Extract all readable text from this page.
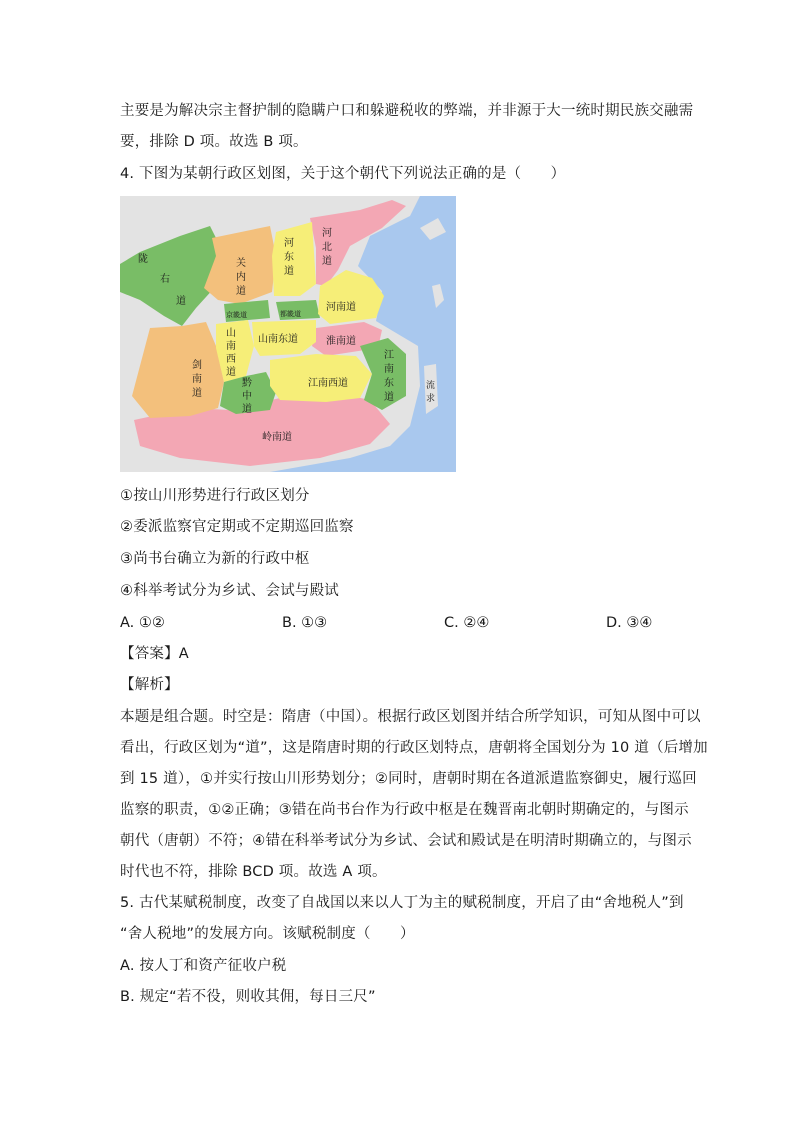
主要是为解决宗主督护制的隐瞒户口和躲避税收的弊端，并非源于大一统时期民族交融需
要，排除 D 项。故选 B 项。
4. 下图为某朝行政区划图，关于这个朝代下列说法正确的是（　　）
陇
右
道
关
内
道
河
东
道
河
北
道
河南道
京畿道	都畿道
山
南
西
道
山南东道	淮南道
剑
南
道
黔
中
道
江南西道
江
南
东
道
岭南道
流
求
①按山川形势进行行政区划分
②委派监察官定期或不定期巡回监察
③尚书台确立为新的行政中枢
④科举考试分为乡试、会试与殿试
A. ①②	B. ①③	C. ②④	D. ③④
【答案】A
【解析】
本题是组合题。时空是：隋唐（中国）。根据行政区划图并结合所学知识，可知从图中可以
看出，行政区划为“道”，这是隋唐时期的行政区划特点，唐朝将全国划分为 10 道（后增加
到 15 道），①并实行按山川形势划分；②同时，唐朝时期在各道派遣监察御史，履行巡回
监察的职责，①②正确；③错在尚书台作为行政中枢是在魏晋南北朝时期确定的，与图示
朝代（唐朝）不符；④错在科举考试分为乡试、会试和殿试是在明清时期确立的，与图示
时代也不符，排除 BCD 项。故选 A 项。
5. 古代某赋税制度，改变了自战国以来以人丁为主的赋税制度，开启了由“舍地税人”到
“舍人税地”的发展方向。该赋税制度（　　）
A. 按人丁和资产征收户税
B. 规定“若不役，则收其佣，每日三尺”
